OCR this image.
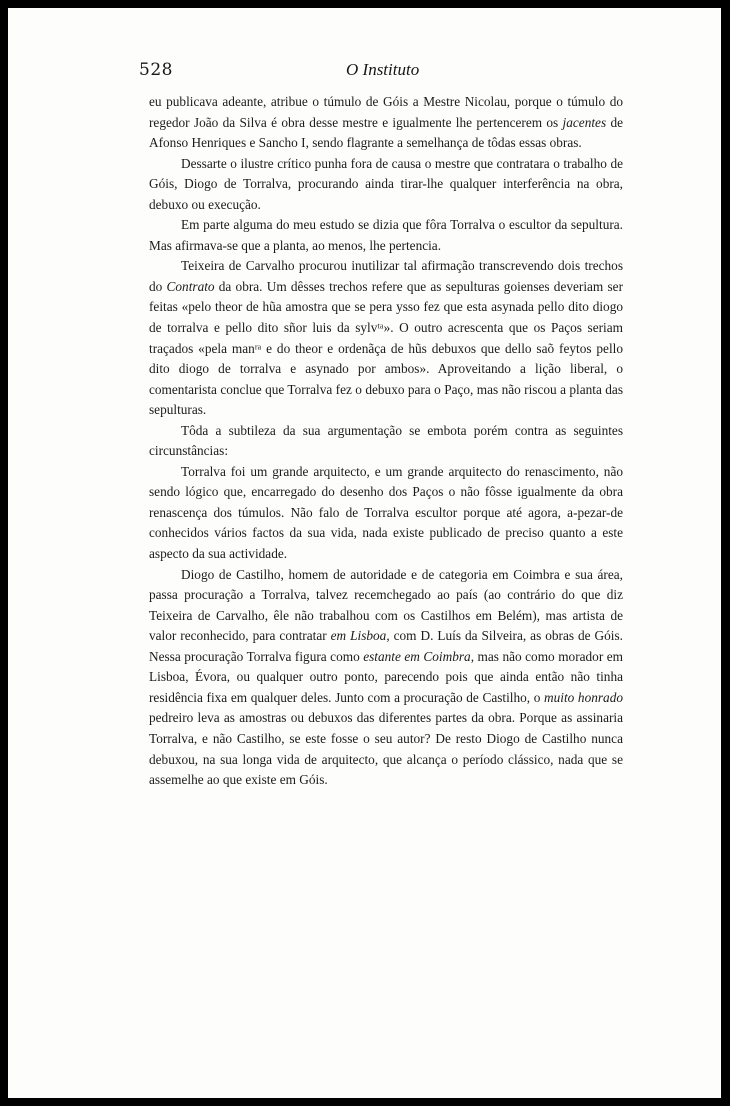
528	O Instituto

eu publicava adeante, atribue o túmulo de Góis a Mestre Nicolau, porque o túmulo do regedor João da Silva é obra desse mestre e igualmente lhe pertencerem os jacentes de Afonso Henriques e Sancho I, sendo flagrante a semelhança de tôdas essas obras.

Dessarte o ilustre crítico punha fora de causa o mestre que contratara o trabalho de Góis, Diogo de Torralva, procurando ainda tirar-lhe qualquer interferência na obra, debuxo ou execução.

Em parte alguma do meu estudo se dizia que fôra Torralva o escultor da sepultura. Mas afirmava-se que a planta, ao menos, lhe pertencia.

Teixeira de Carvalho procurou inutilizar tal afirmação transcrevendo dois trechos do Contrato da obra. Um dêsses trechos refere que as sepulturas goienses deveriam ser feitas «pelo theor de hũa amostra que se pera ysso fez que esta asynada pello dito diogo de torralva e pello dito sñor luis da sylvᵗᵃ». O outro acrescenta que os Paços seriam traçados «pela manʳᵃ e do theor e ordenãça de hũs debuxos que dello saõ feytos pello dito diogo de torralva e asynado por ambos». Aproveitando a lição liberal, o comentarista conclue que Torralva fez o debuxo para o Paço, mas não riscou a planta das sepulturas.

Tôda a subtileza da sua argumentação se embota porém contra as seguintes circunstâncias:

Torralva foi um grande arquitecto, e um grande arquitecto do renascimento, não sendo lógico que, encarregado do desenho dos Paços o não fôsse igualmente da obra renascença dos túmulos. Não falo de Torralva escultor porque até agora, a-pezar-de conhecidos vários factos da sua vida, nada existe publicado de preciso quanto a este aspecto da sua actividade.

Diogo de Castilho, homem de autoridade e de categoria em Coimbra e sua área, passa procuração a Torralva, talvez recemchegado ao país (ao contrário do que diz Teixeira de Carvalho, êle não trabalhou com os Castilhos em Belém), mas artista de valor reconhecido, para contratar em Lisboa, com D. Luís da Silveira, as obras de Góis. Nessa procuração Torralva figura como estante em Coimbra, mas não como morador em Lisboa, Évora, ou qualquer outro ponto, parecendo pois que ainda então não tinha residência fixa em qualquer deles. Junto com a procuração de Castilho, o muito honrado pedreiro leva as amostras ou debuxos das diferentes partes da obra. Porque as assinaria Torralva, e não Castilho, se este fosse o seu autor? De resto Diogo de Castilho nunca debuxou, na sua longa vida de arquitecto, que alcança o período clássico, nada que se assemelhe ao que existe em Góis.
